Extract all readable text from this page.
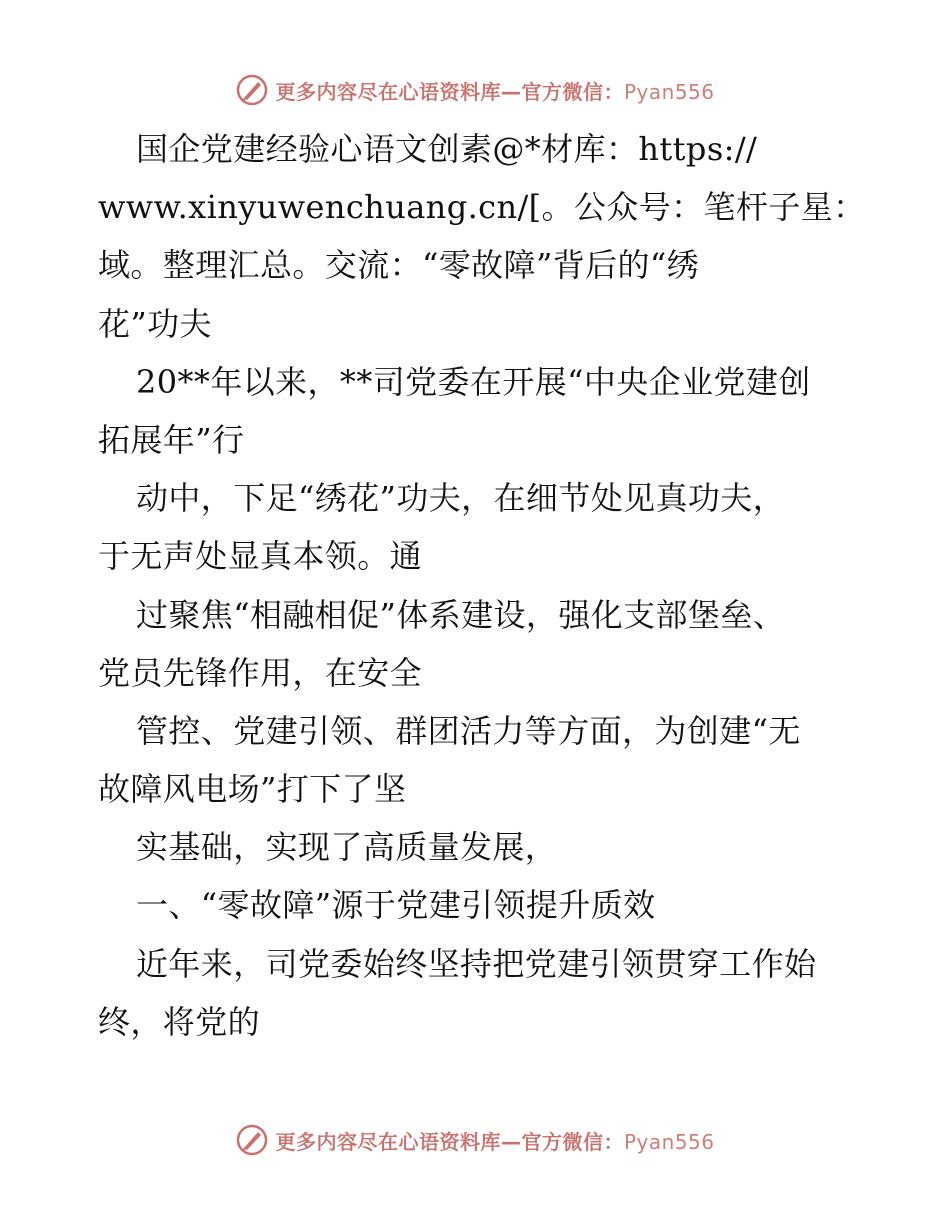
更多内容尽在心语资料库—官方微信：Pyan556
国企党建经验心语文创素@*材库：https://
www.xinyuwenchuang.cn/[。公众号：笔杆子星：
域。整理汇总。交流：“零故障”背后的“绣
花”功夫
20**年以来，**司党委在开展“中央企业党建创
拓展年”行
动中，下足“绣花”功夫，在细节处见真功夫，
于无声处显真本领。通
过聚焦“相融相促”体系建设，强化支部堡垒、
党员先锋作用，在安全
管控、党建引领、群团活力等方面，为创建“无
故障风电场”打下了坚
实基础，实现了高质量发展，
一、“零故障”源于党建引领提升质效
近年来，司党委始终坚持把党建引领贯穿工作始
终，将党的
更多内容尽在心语资料库—官方微信：Pyan556
